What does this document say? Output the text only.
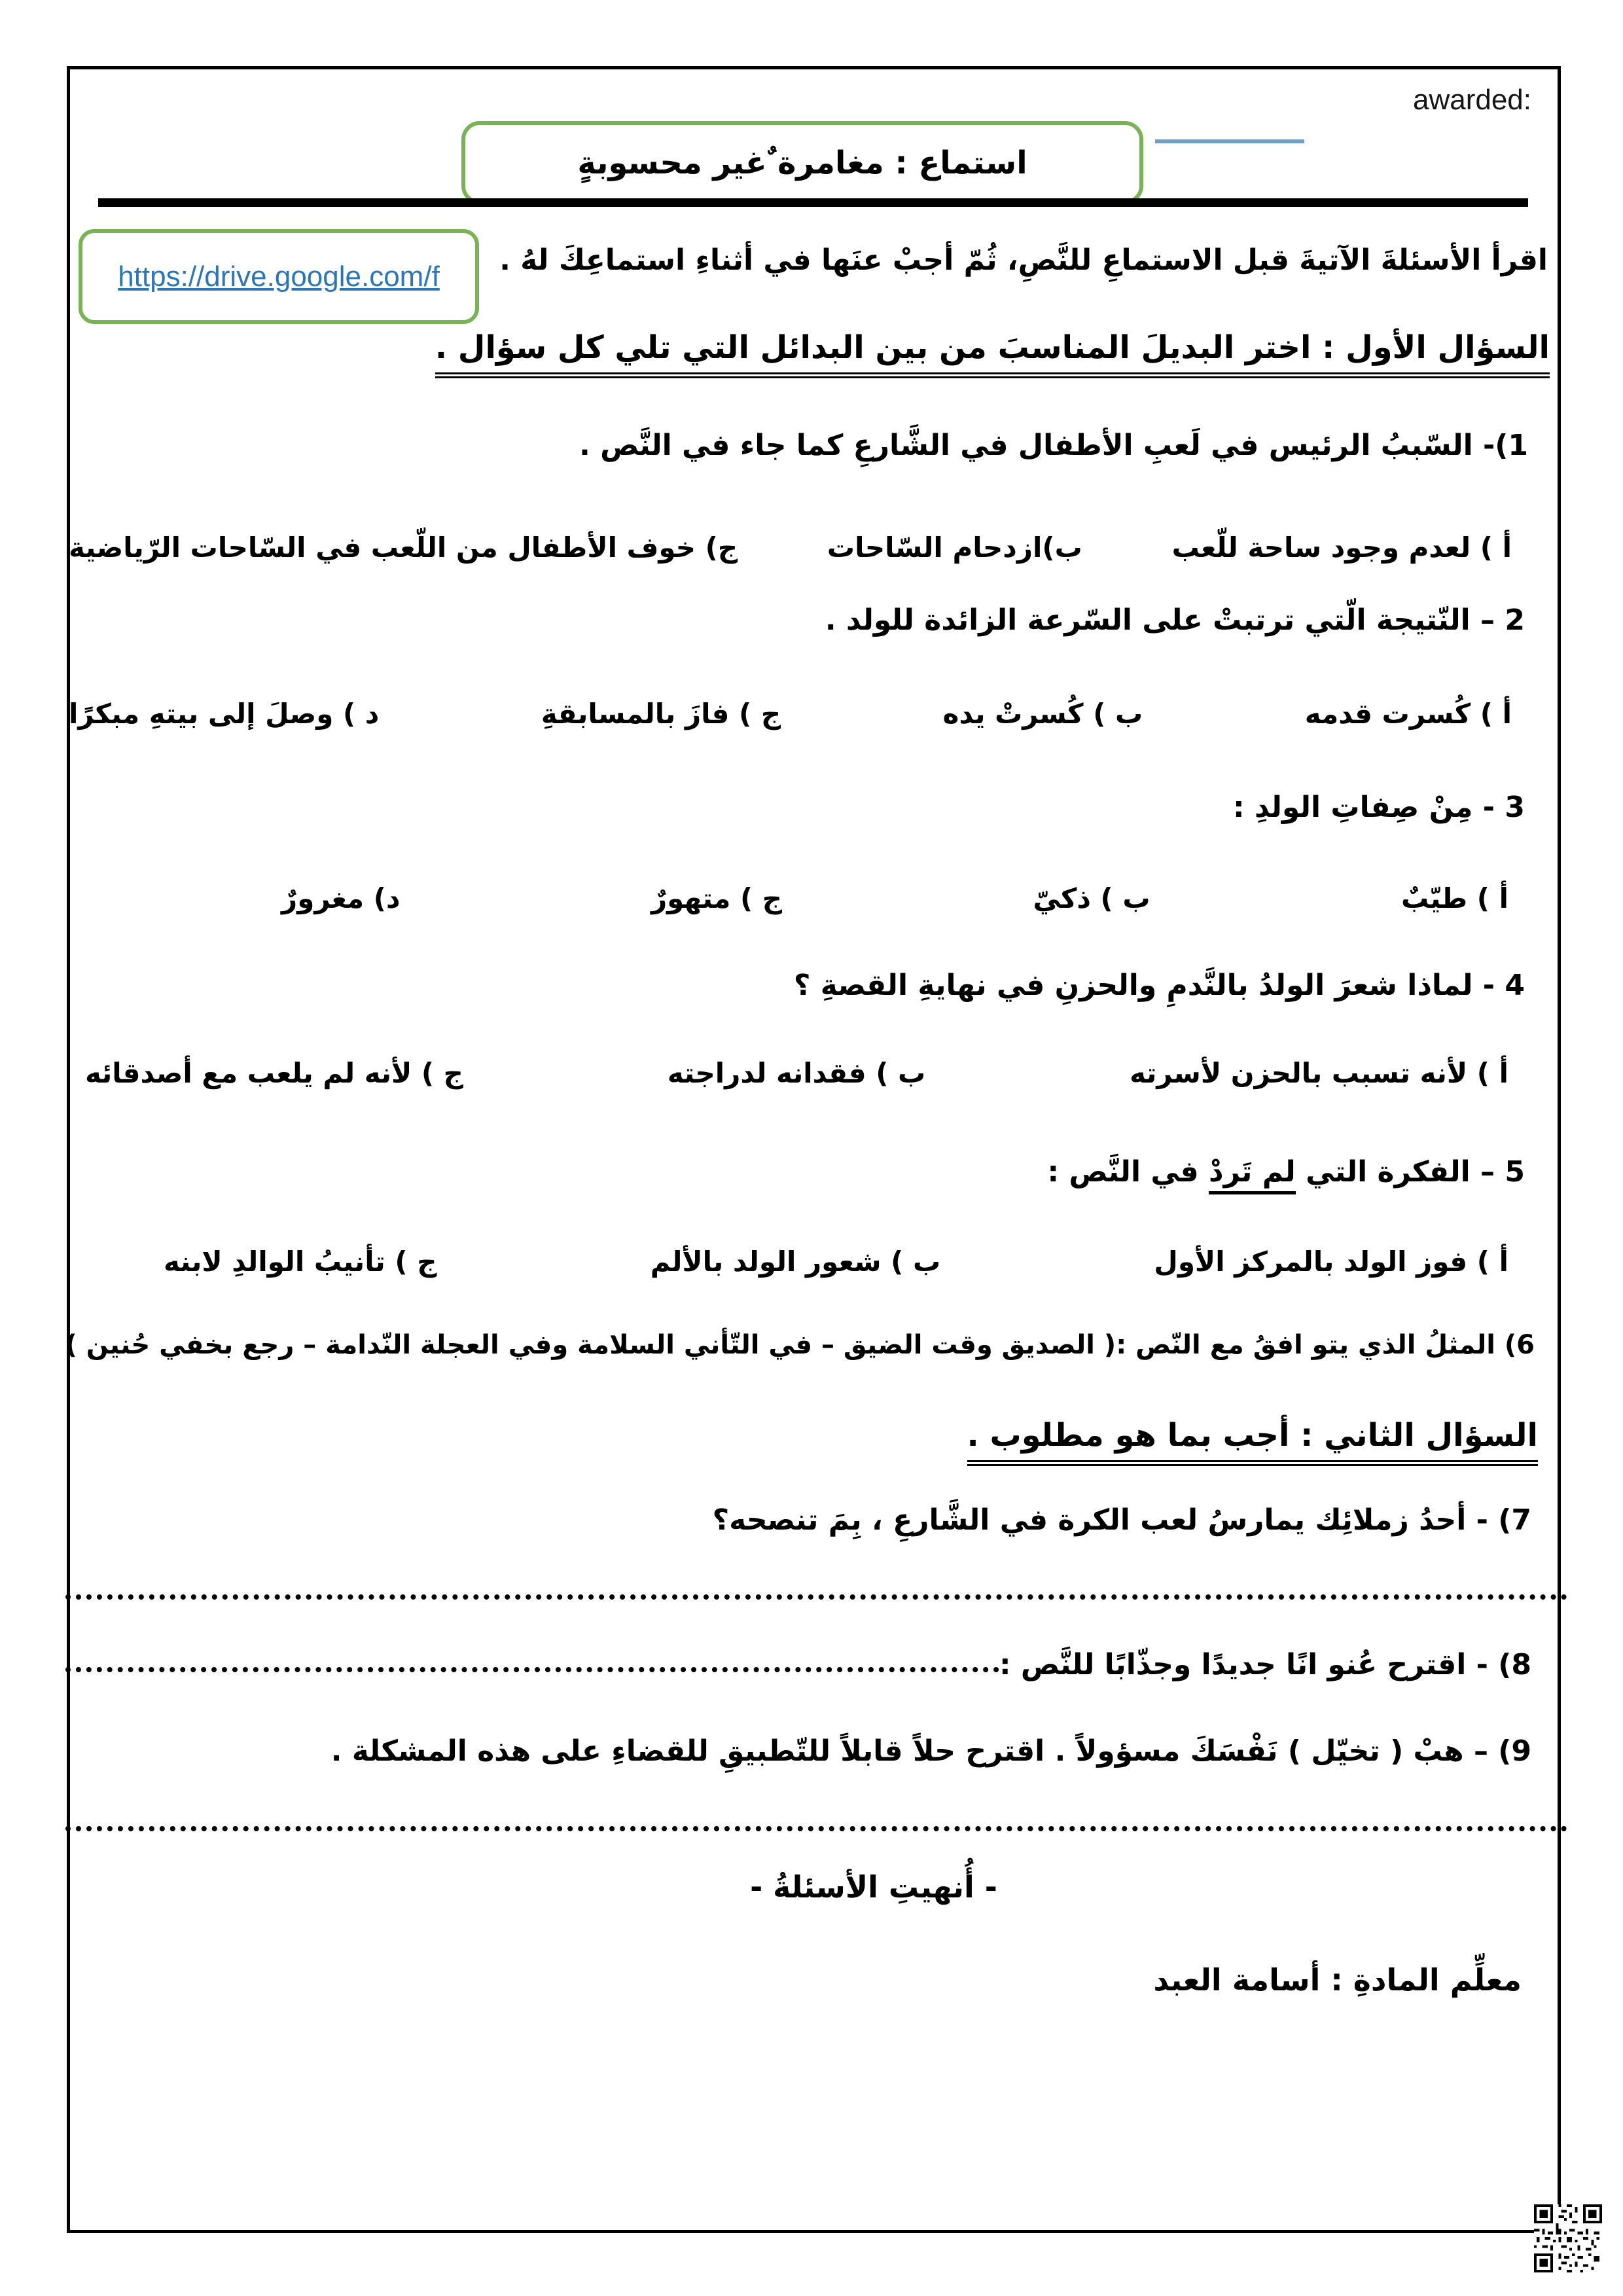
awarded:
استماع : مغامرة ٌغير محسوبةٍ
https://drive.google.com/f اقرأ الأسئلةَ الآتيةَ قبل الاستماعِ للنَّصِ، ثُمّ أجبْ عنَها في أثناءِ استماعِكَ لهُ .
السؤال الأول : اختر البديلَ المناسبَ من بين البدائل التي تلي كل سؤال .
1)- السّببُ الرئيس في لَعبِ الأطفال في الشَّارعِ كما جاء في النَّص .
أ ) لعدم وجود ساحة للّعب
ب)ازدحام السّاحات
ج) خوف الأطفال من اللّعب في السّاحات الرّياضية
2 – النّتيجة الّتي ترتبتْ على السّرعة الزائدة للولد .
أ ) كُسرت قدمه
ب ) كُسرتْ يده
ج ) فازَ بالمسابقةِ
د ) وصلَ إلى بيتهِ مبكرًا
3 - مِنْ صِفاتِ الولدِ :
أ ) طيّبٌ
ب ) ذكيّ
ج ) متهورٌ
د) مغرورٌ
4 - لماذا شعرَ الولدُ بالنَّدمِ والحزنِ في نهايةِ القصةِ ؟
أ ) لأنه تسبب بالحزن لأسرته
ب ) فقدانه لدراجته
ج ) لأنه لم يلعب مع أصدقائه
5 – الفكرة التي لم تَردْ في النَّص :
أ ) فوز الولد بالمركز الأول
ب ) شعور الولد بالألم
ج ) تأنيبُ الوالدِ لابنه
6) المثلُ الذي يتو افقُ مع النّص :( الصديق وقت الضيق – في التّأني السلامة وفي العجلة النّدامة – رجع بخفي حُنين )
السؤال الثاني : أجب بما هو مطلوب .
7) - أحدُ زملائِك يمارسُ لعب الكرة في الشَّارعِ ، بِمَ تنصحه؟
8) - اقترح عُنو انًا جديدًا وجذّابًا للنَّص :
9) – هبْ ( تخيّل ) نَفْسَكَ مسؤولاً . اقترح حلاً قابلاً للتّطبيقِ للقضاءِ على هذه المشكلة .
- أُنهيتِ الأسئلةُ -
معلِّم المادةِ : أسامة العبد
